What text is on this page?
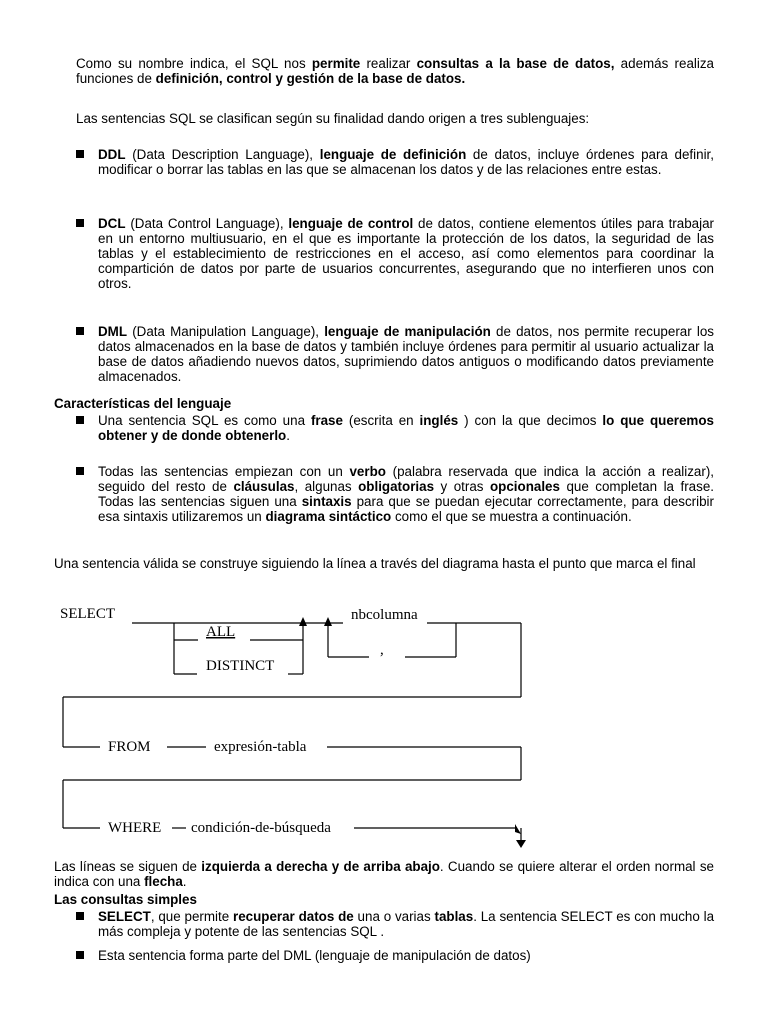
Como su nombre indica, el SQL nos permite realizar consultas a la base de datos, además realiza funciones de definición, control y gestión de la base de datos.

Las sentencias SQL se clasifican según su finalidad dando origen a tres sublenguajes:

DDL (Data Description Language), lenguaje de definición de datos, incluye órdenes para definir, modificar o borrar las tablas en las que se almacenan los datos y de las relaciones entre estas.

DCL (Data Control Language), lenguaje de control de datos, contiene elementos útiles para trabajar en un entorno multiusuario, en el que es importante la protección de los datos, la seguridad de las tablas y el establecimiento de restricciones en el acceso, así como elementos para coordinar la compartición de datos por parte de usuarios concurrentes, asegurando que no interfieren unos con otros.

DML (Data Manipulation Language), lenguaje de manipulación de datos, nos permite recuperar los datos almacenados en la base de datos y también incluye órdenes para permitir al usuario actualizar la base de datos añadiendo nuevos datos, suprimiendo datos antiguos o modificando datos previamente almacenados.

Características del lenguaje

Una sentencia SQL es como una frase (escrita en inglés ) con la que decimos lo que queremos obtener y de donde obtenerlo.

Todas las sentencias empiezan con un verbo (palabra reservada que indica la acción a realizar), seguido del resto de cláusulas, algunas obligatorias y otras opcionales que completan la frase. Todas las sentencias siguen una sintaxis para que se puedan ejecutar correctamente, para describir esa sintaxis utilizaremos un diagrama sintáctico como el que se muestra a continuación.

Una sentencia válida se construye siguiendo la línea a través del diagrama hasta el punto que marca el final

SELECT
ALL
DISTINCT
nbcolumna
,
FROM	expresión-tabla
WHERE condición-de-búsqueda

Las líneas se siguen de izquierda a derecha y de arriba abajo. Cuando se quiere alterar el orden normal se indica con una flecha.

Las consultas simples

SELECT, que permite recuperar datos de una o varias tablas. La sentencia SELECT es con mucho la más compleja y potente de las sentencias SQL .

Esta sentencia forma parte del DML (lenguaje de manipulación de datos)
